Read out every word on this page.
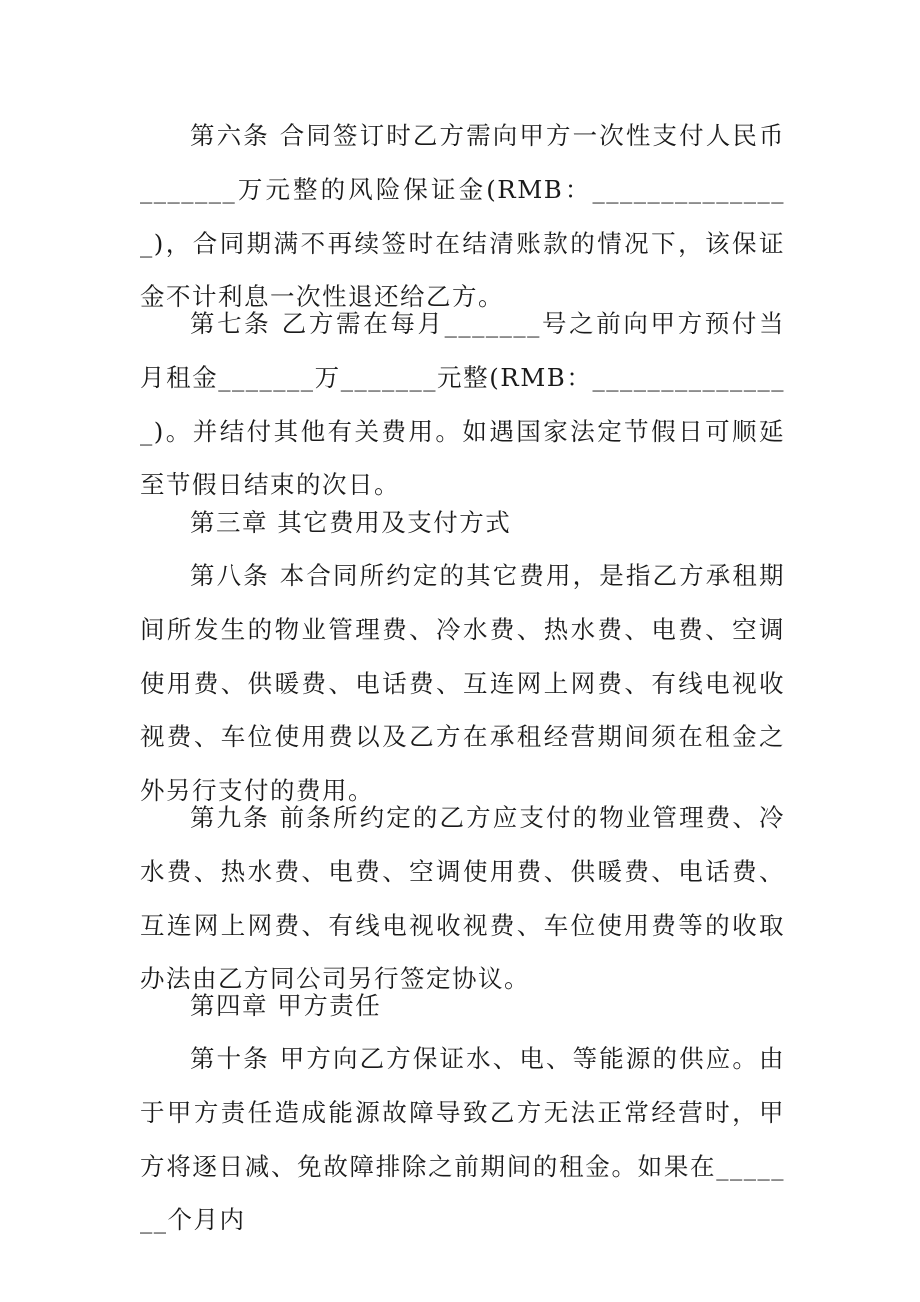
第六条 合同签订时乙方需向甲方一次性支付人民币_______万元整的风险保证金(RMB：_______________)，合同期满不再续签时在结清账款的情况下，该保证金不计利息一次性退还给乙方。

第七条 乙方需在每月_______号之前向甲方预付当月租金_______万_______元整(RMB：_______________)。并结付其他有关费用。如遇国家法定节假日可顺延至节假日结束的次日。

第三章 其它费用及支付方式

第八条 本合同所约定的其它费用，是指乙方承租期间所发生的物业管理费、冷水费、热水费、电费、空调使用费、供暖费、电话费、互连网上网费、有线电视收视费、车位使用费以及乙方在承租经营期间须在租金之外另行支付的费用。

第九条 前条所约定的乙方应支付的物业管理费、冷水费、热水费、电费、空调使用费、供暖费、电话费、互连网上网费、有线电视收视费、车位使用费等的收取办法由乙方同公司另行签定协议。

第四章 甲方责任

第十条 甲方向乙方保证水、电、等能源的供应。由于甲方责任造成能源故障导致乙方无法正常经营时，甲方将逐日减、免故障排除之前期间的租金。如果在_______个月内
